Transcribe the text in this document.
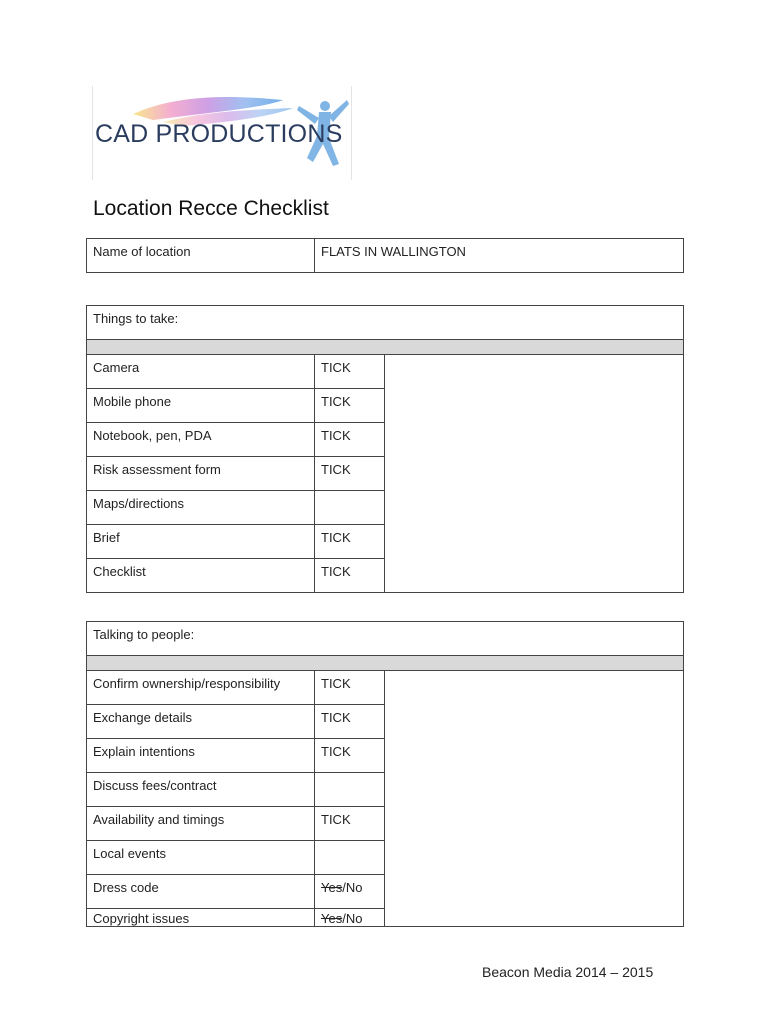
CAD PRODUCTIONS
Location Recce Checklist
Name of location	FLATS IN WALLINGTON
Things to take:		

Camera	TICK	
Mobile phone	TICK	
Notebook, pen, PDA	TICK	
Risk assessment form	TICK	
Maps/directions		
Brief	TICK	
Checklist	TICK	
Talking to people:		

Confirm ownership/responsibility	TICK	
Exchange details	TICK	
Explain intentions	TICK	
Discuss fees/contract		
Availability and timings	TICK	
Local events		
Dress code	Yes/No	
Copyright issues	Yes/No	
Beacon Media 2014 – 2015
